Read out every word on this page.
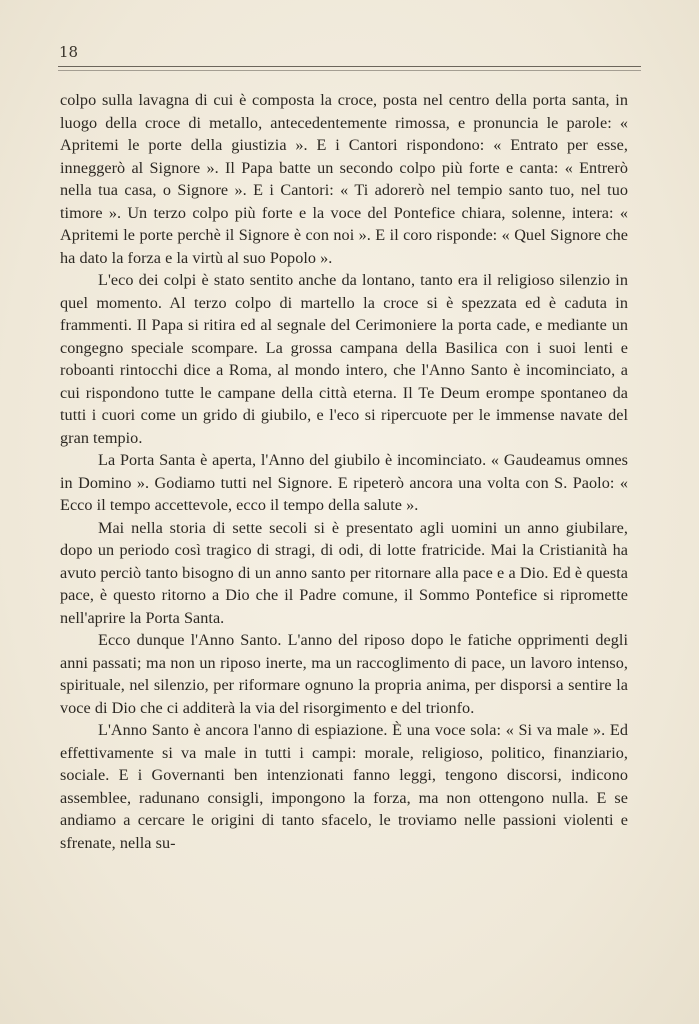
18

colpo sulla lavagna di cui è composta la croce, posta nel centro della porta santa, in luogo della croce di metallo, antecedentemente rimossa, e pronuncia le parole: « Apritemi le porte della giustizia ». E i Cantori rispondono: « Entrato per esse, inneggerò al Signore ». Il Papa batte un secondo colpo più forte e canta: « Entrerò nella tua casa, o Signore ». E i Cantori: « Ti adorerò nel tempio santo tuo, nel tuo timore ». Un terzo colpo più forte e la voce del Pontefice chiara, solenne, intera: « Apritemi le porte perchè il Signore è con noi ». E il coro risponde: « Quel Signore che ha dato la forza e la virtù al suo Popolo ».

L'eco dei colpi è stato sentito anche da lontano, tanto era il religioso silenzio in quel momento. Al terzo colpo di martello la croce si è spezzata ed è caduta in frammenti. Il Papa si ritira ed al segnale del Cerimoniere la porta cade, e mediante un congegno speciale scompare. La grossa campana della Basilica con i suoi lenti e roboanti rintocchi dice a Roma, al mondo intero, che l'Anno Santo è incominciato, a cui rispondono tutte le campane della città eterna. Il Te Deum erompe spontaneo da tutti i cuori come un grido di giubilo, e l'eco si ripercuote per le immense navate del gran tempio.

La Porta Santa è aperta, l'Anno del giubilo è incominciato. « Gaudeamus omnes in Domino ». Godiamo tutti nel Signore. E ripeterò ancora una volta con S. Paolo: « Ecco il tempo accettevole, ecco il tempo della salute ».

Mai nella storia di sette secoli si è presentato agli uomini un anno giubilare, dopo un periodo così tragico di stragi, di odi, di lotte fratricide. Mai la Cristianità ha avuto perciò tanto bisogno di un anno santo per ritornare alla pace e a Dio. Ed è questa pace, è questo ritorno a Dio che il Padre comune, il Sommo Pontefice si ripromette nell'aprire la Porta Santa.

Ecco dunque l'Anno Santo. L'anno del riposo dopo le fatiche opprimenti degli anni passati; ma non un riposo inerte, ma un raccoglimento di pace, un lavoro intenso, spirituale, nel silenzio, per riformare ognuno la propria anima, per disporsi a sentire la voce di Dio che ci additerà la via del risorgimento e del trionfo.

L'Anno Santo è ancora l'anno di espiazione. È una voce sola: « Si va male ». Ed effettivamente si va male in tutti i campi: morale, religioso, politico, finanziario, sociale. E i Governanti ben intenzionati fanno leggi, tengono discorsi, indicono assemblee, radunano consigli, impongono la forza, ma non ottengono nulla. E se andiamo a cercare le origini di tanto sfacelo, le troviamo nelle passioni violenti e sfrenate, nella su-
